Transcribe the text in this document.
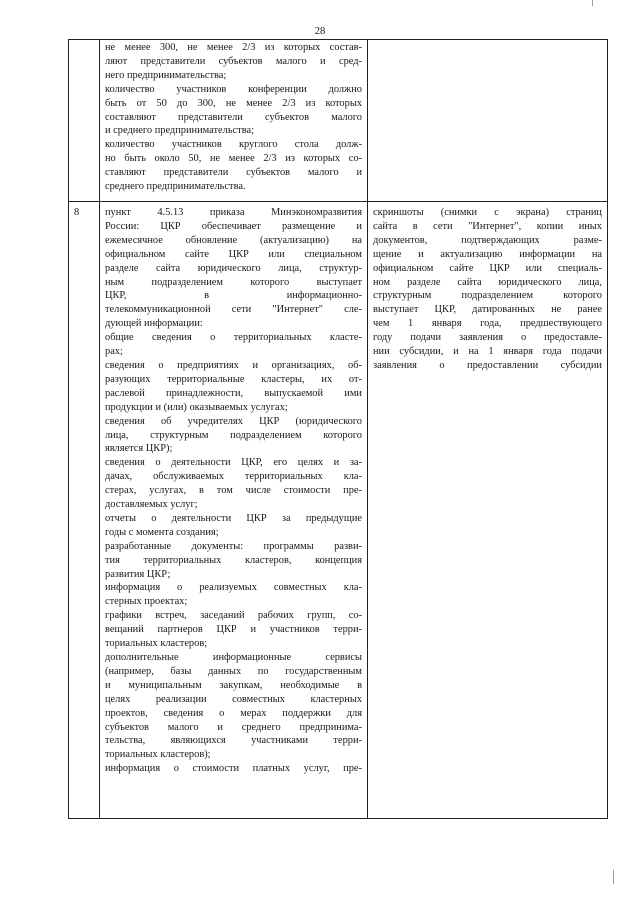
28

не менее 300, не менее 2/3 из которых состав-

ляют представители субъектов малого и сред-

него предпринимательства;

количество участников конференции должно

быть от 50 до 300, не менее 2/3 из которых

составляют представители субъектов малого

и среднего предпринимательства;

количество участников круглого стола долж-

но быть около 50, не менее 2/3 из которых со-

ставляют представители субъектов малого и

среднего предпринимательства.

8	пункт 4.5.13 приказа Минэкономразвития

России: ЦКР обеспечивает размещение и

ежемесячное обновление (актуализацию) на

официальном сайте ЦКР или специальном

разделе сайта юридического лица, структур-

ным подразделением которого выступает

ЦКР, в информационно-

телекоммуникационной сети "Интернет" сле-

дующей информации:

общие сведения о территориальных кластe-

рах;

сведения о предприятиях и организациях, об-

разующих территориальные кластеры, их от-

раслевой принадлежности, выпускаемой ими

продукции и (или) оказываемых услугах;

сведения об учредителях ЦКР (юридического

лица, структурным подразделением которого

является ЦКР);

сведения о деятельности ЦКР, его целях и за-

дачах, обслуживаемых территориальных кла-

стерах, услугах, в том числе стоимости пре-

доставляемых услуг;

отчеты о деятельности ЦКР за предыдущие

годы с момента создания;

разработанные документы: программы разви-

тия территориальных кластеров, концепция

развития ЦКР;

информация о реализуемых совместных кла-

стерных проектах;

графики встреч, заседаний рабочих групп, со-

вещаний партнеров ЦКР и участников терри-

ториальных кластеров;

дополнительные информационные сервисы

(например, базы данных по государственным

и муниципальным закупкам, необходимые в

целях реализации совместных кластерных

проектов, сведения о мерах поддержки для

субъектов малого и среднего предпринима-

тельства, являющихся участниками терри-

ториальных кластеров);

информация о стоимости платных услуг, пре-

скриншоты (снимки с экрана) страниц

сайта в сети "Интернет", копии иных

документов, подтверждающих разме-

щение и актуализацию информации на

официальном сайте ЦКР или специаль-

ном разделе сайта юридического лица,

структурным подразделением которого

выступает ЦКР, датированных не ранее

чем 1 января года, предшествующего

году подачи заявления о предоставле-

нии субсидии, и на 1 января года подачи

заявления о предоставлении субсидии
